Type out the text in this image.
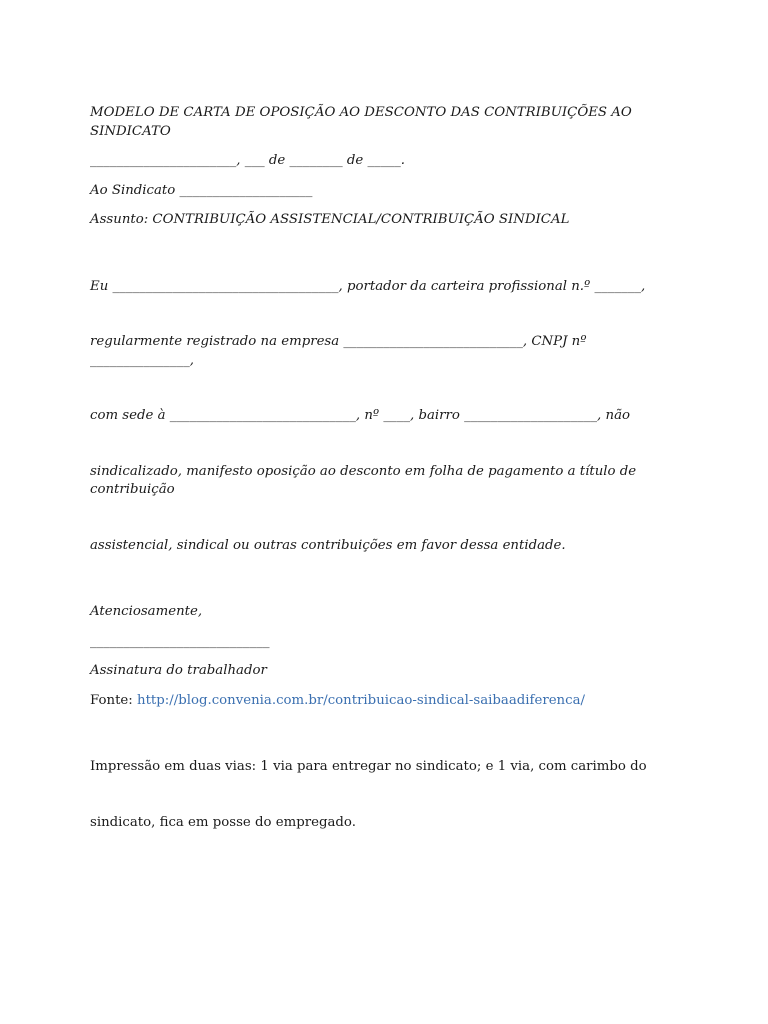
MODELO DE CARTA DE OPOSIÇÃO AO DESCONTO DAS CONTRIBUIÇÕES AO SINDICATO

______________________, ___ de ________ de _____.

Ao Sindicato ____________________

Assunto: CONTRIBUIÇÃO ASSISTENCIAL/CONTRIBUIÇÃO SINDICAL

Eu __________________________________, portador da carteira profissional n.º _______,

regularmente registrado na empresa ___________________________, CNPJ nº _______________,

com sede à ____________________________, nº ____, bairro ____________________, não

sindicalizado, manifesto oposição ao desconto em folha de pagamento a título de contribuição

assistencial, sindical ou outras contribuições em favor dessa entidade.

Atenciosamente,

___________________________

Assinatura do trabalhador

Fonte: http://blog.convenia.com.br/contribuicao-sindical-saibaadiferenca/

Impressão em duas vias: 1 via para entregar no sindicato; e 1 via, com carimbo do

sindicato, fica em posse do empregado.
